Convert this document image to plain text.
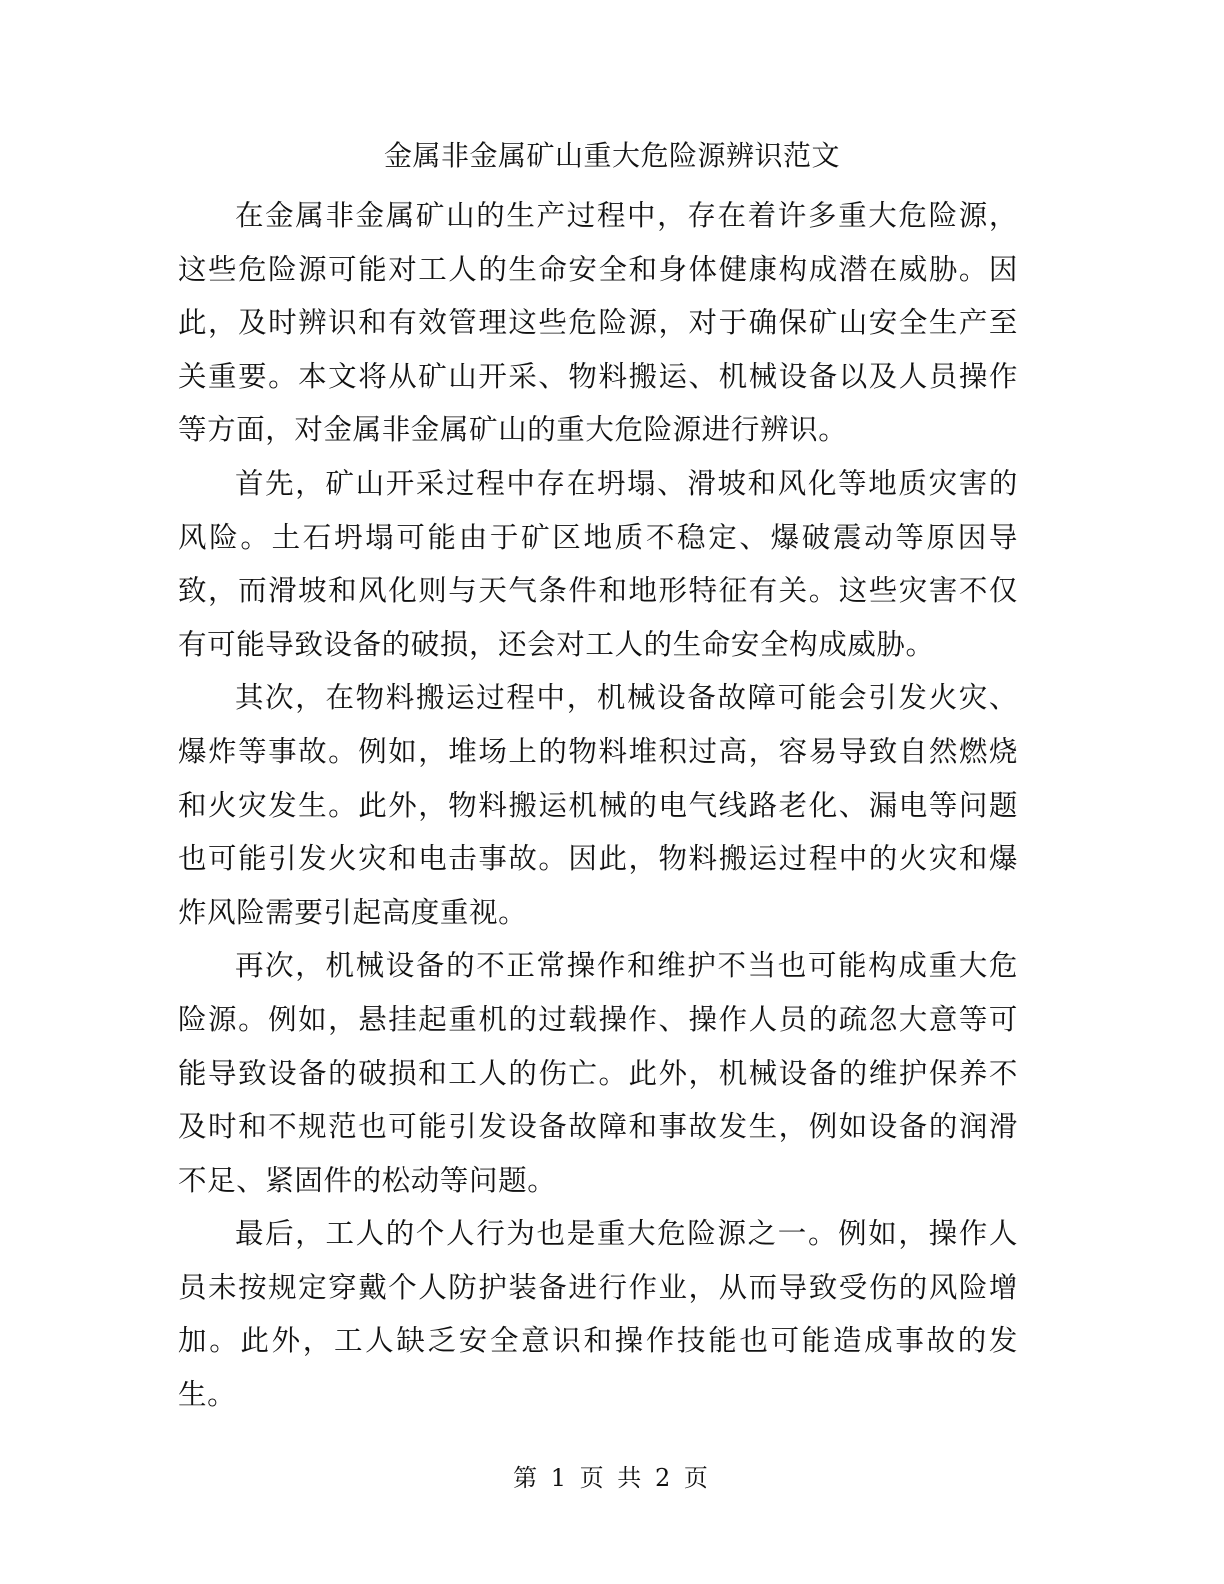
金属非金属矿山重大危险源辨识范文

在金属非金属矿山的生产过程中，存在着许多重大危险源，这些危险源可能对工人的生命安全和身体健康构成潜在威胁。因此，及时辨识和有效管理这些危险源，对于确保矿山安全生产至关重要。本文将从矿山开采、物料搬运、机械设备以及人员操作等方面，对金属非金属矿山的重大危险源进行辨识。

首先，矿山开采过程中存在坍塌、滑坡和风化等地质灾害的风险。土石坍塌可能由于矿区地质不稳定、爆破震动等原因导致，而滑坡和风化则与天气条件和地形特征有关。这些灾害不仅有可能导致设备的破损，还会对工人的生命安全构成威胁。

其次，在物料搬运过程中，机械设备故障可能会引发火灾、爆炸等事故。例如，堆场上的物料堆积过高，容易导致自然燃烧和火灾发生。此外，物料搬运机械的电气线路老化、漏电等问题也可能引发火灾和电击事故。因此，物料搬运过程中的火灾和爆炸风险需要引起高度重视。

再次，机械设备的不正常操作和维护不当也可能构成重大危险源。例如，悬挂起重机的过载操作、操作人员的疏忽大意等可能导致设备的破损和工人的伤亡。此外，机械设备的维护保养不及时和不规范也可能引发设备故障和事故发生，例如设备的润滑不足、紧固件的松动等问题。

最后，工人的个人行为也是重大危险源之一。例如，操作人员未按规定穿戴个人防护装备进行作业，从而导致受伤的风险增加。此外，工人缺乏安全意识和操作技能也可能造成事故的发生。

第 1 页 共 2 页
